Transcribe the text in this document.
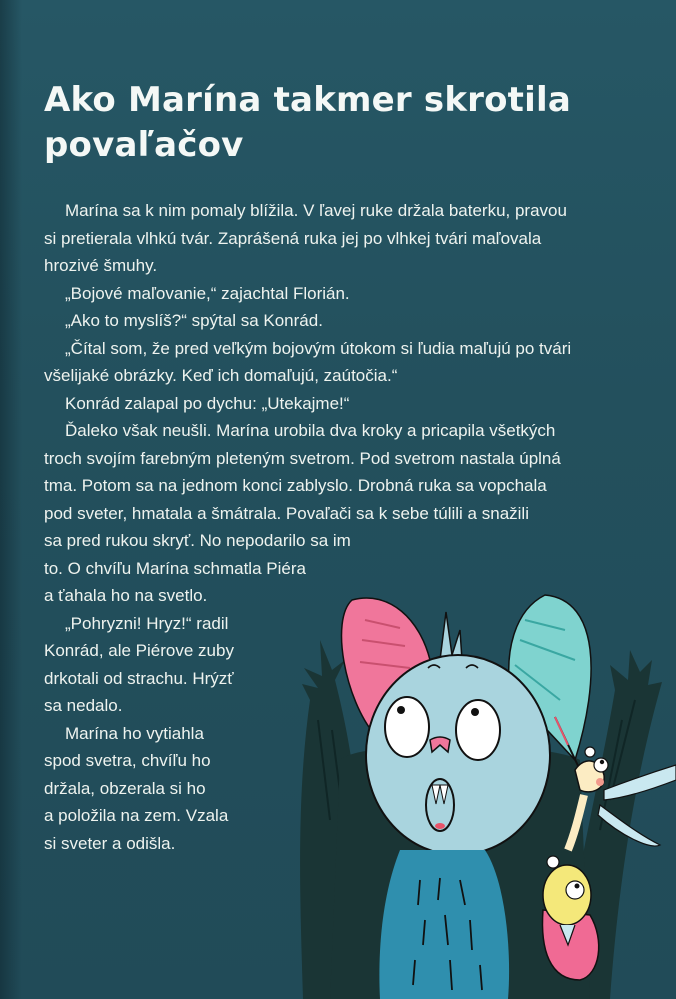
Ako Marína takmer skrotila povaľačov

Marína sa k nim pomaly blížila. V ľavej ruke držala baterku, pravou
si pretierala vlhkú tvár. Zaprášená ruka jej po vlhkej tvári maľovala
hrozivé šmuhy.

„Bojové maľovanie,“ zajachtal Florián.

„Ako to myslíš?“ spýtal sa Konrád.

„Čítal som, že pred veľkým bojovým útokom si ľudia maľujú po tvári
všelijaké obrázky. Keď ich domaľujú, zaútočia.“

Konrád zalapal po dychu: „Utekajme!“

Ďaleko však neušli. Marína urobila dva kroky a pricapila všetkých
troch svojím farebným pleteným svetrom. Pod svetrom nastala úplná
tma. Potom sa na jednom konci zablyslo. Drobná ruka sa vopchala
pod sveter, hmatala a šmátrala. Povaľači sa k sebe túlili a snažili
sa pred rukou skryť. No nepodarilo sa im
to. O chvíľu Marína schmatla Piéra
a ťahala ho na svetlo.

„Pohryzni! Hryz!“ radil
Konrád, ale Piérove zuby
drkotali od strachu. Hrýzť
sa nedalo.

Marína ho vytiahla
spod svetra, chvíľu ho
držala, obzerala si ho
a položila na zem. Vzala
si sveter a odišla.
